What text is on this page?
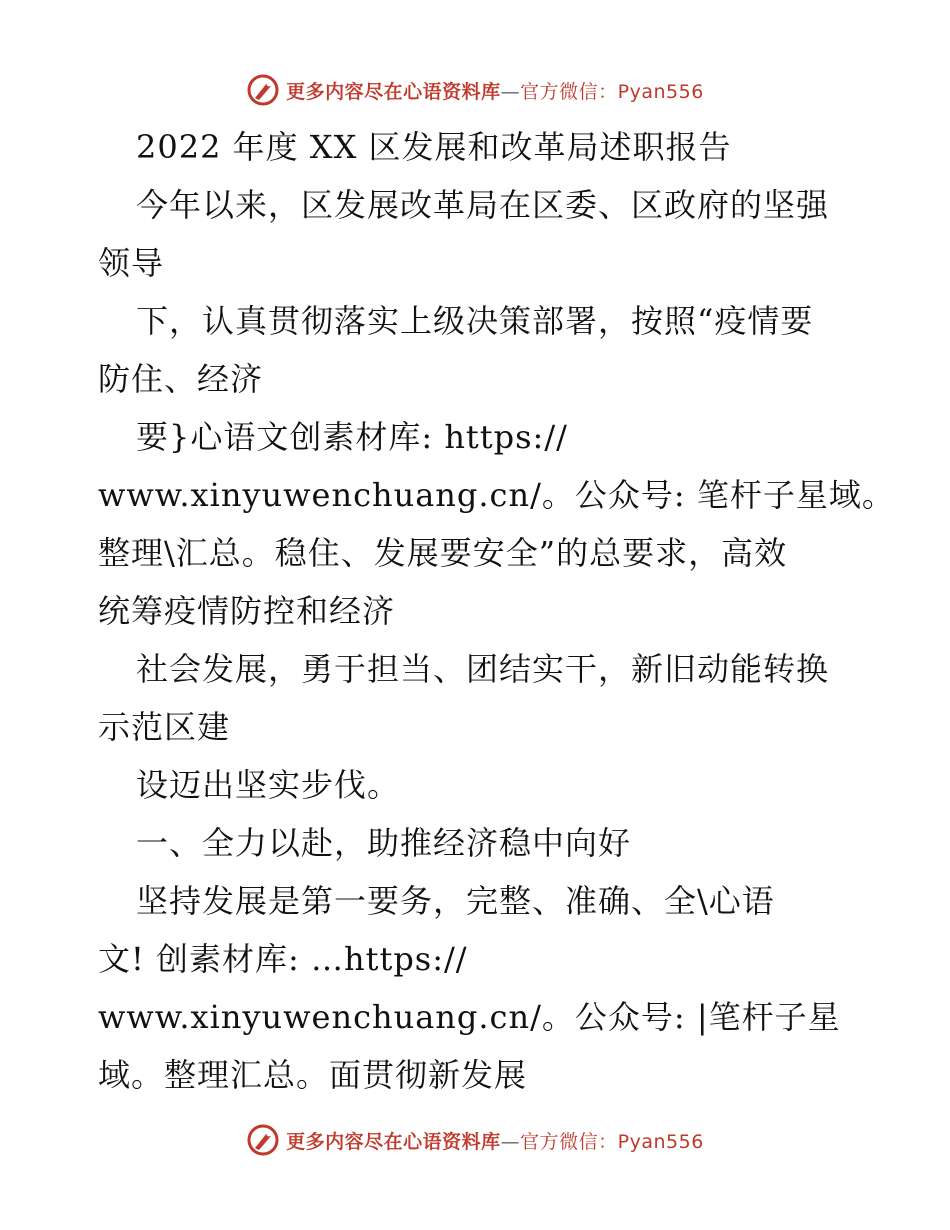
更多内容尽在心语资料库—官方微信：Pyan556
2022 年度 XX 区发展和改革局述职报告
今年以来，区发展改革局在区委、区政府的坚强
领导
下，认真贯彻落实上级决策部署，按照“疫情要
防住、经济
要}心语文创素材库: https://
www.xinyuwenchuang.cn/。公众号: 笔杆子星域。
整理\汇总。稳住、发展要安全”的总要求，高效
统筹疫情防控和经济
社会发展，勇于担当、团结实干，新旧动能转换
示范区建
设迈出坚实步伐。
一、全力以赴，助推经济稳中向好
坚持发展是第一要务，完整、准确、全\心语
文! 创素材库: …https://
www.xinyuwenchuang.cn/。公众号: |笔杆子星
域。整理汇总。面贯彻新发展
更多内容尽在心语资料库—官方微信：Pyan556
